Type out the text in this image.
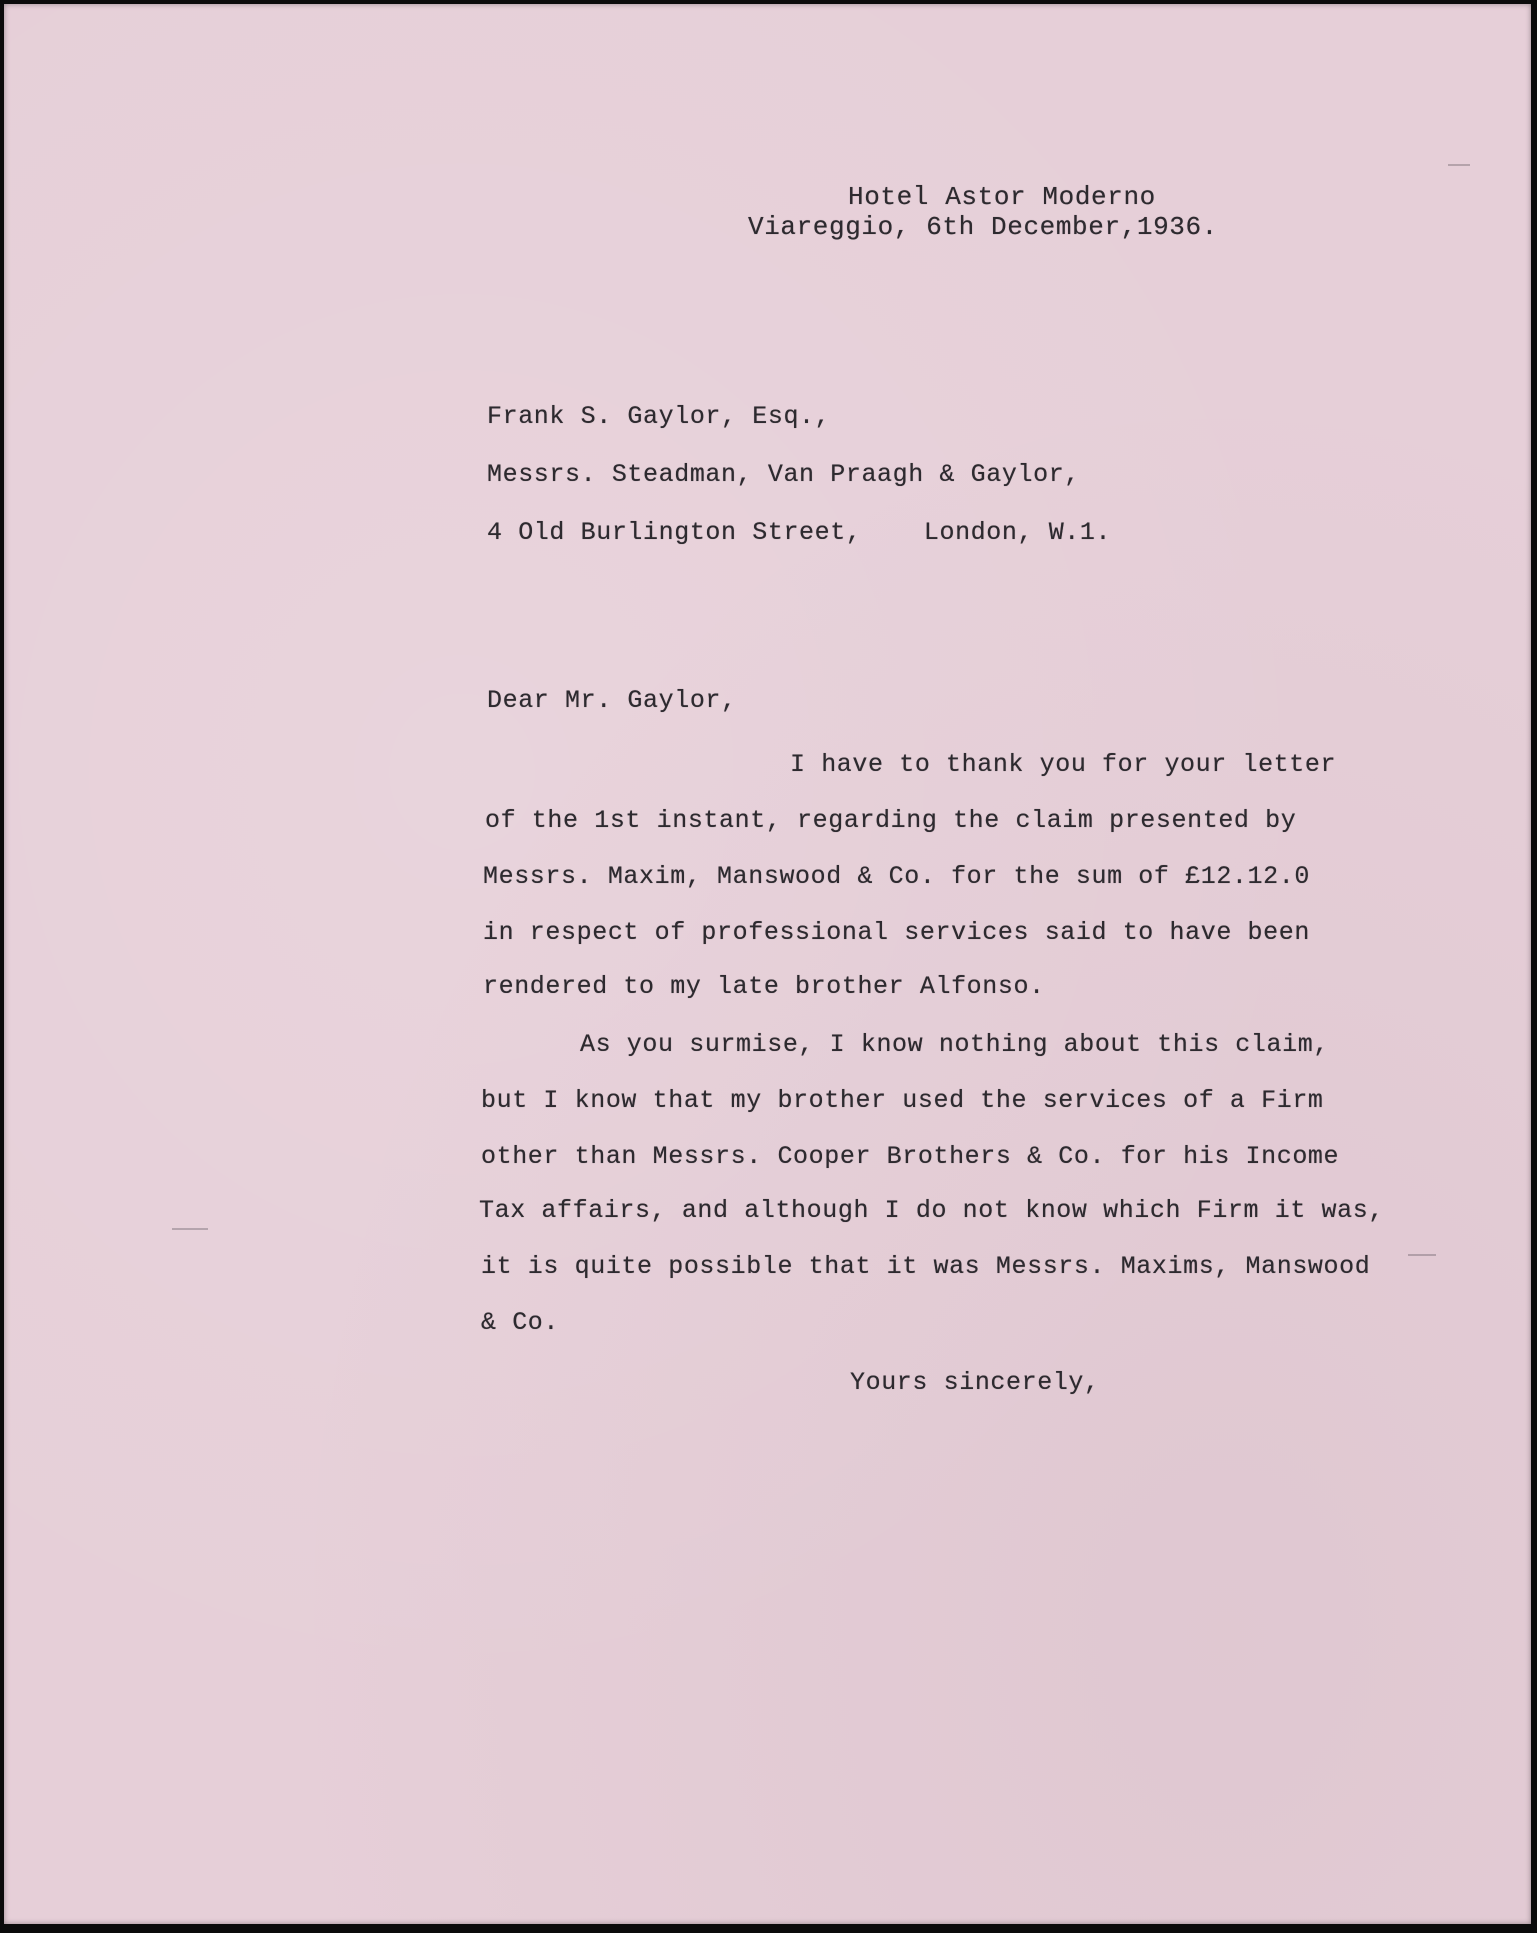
Hotel Astor Moderno
Viareggio, 6th December,1936.
Frank S. Gaylor, Esq.,
Messrs. Steadman, Van Praagh & Gaylor,
4 Old Burlington Street,    London, W.1.
Dear Mr. Gaylor,
I have to thank you for your letter
of the 1st instant, regarding the claim presented by
Messrs. Maxim, Manswood & Co. for the sum of £12.12.0
in respect of professional services said to have been
rendered to my late brother Alfonso.
As you surmise, I know nothing about this claim,
but I know that my brother used the services of a Firm
other than Messrs. Cooper Brothers & Co. for his Income
Tax affairs, and although I do not know which Firm it was,
it is quite possible that it was Messrs. Maxims, Manswood
& Co.
Yours sincerely,
